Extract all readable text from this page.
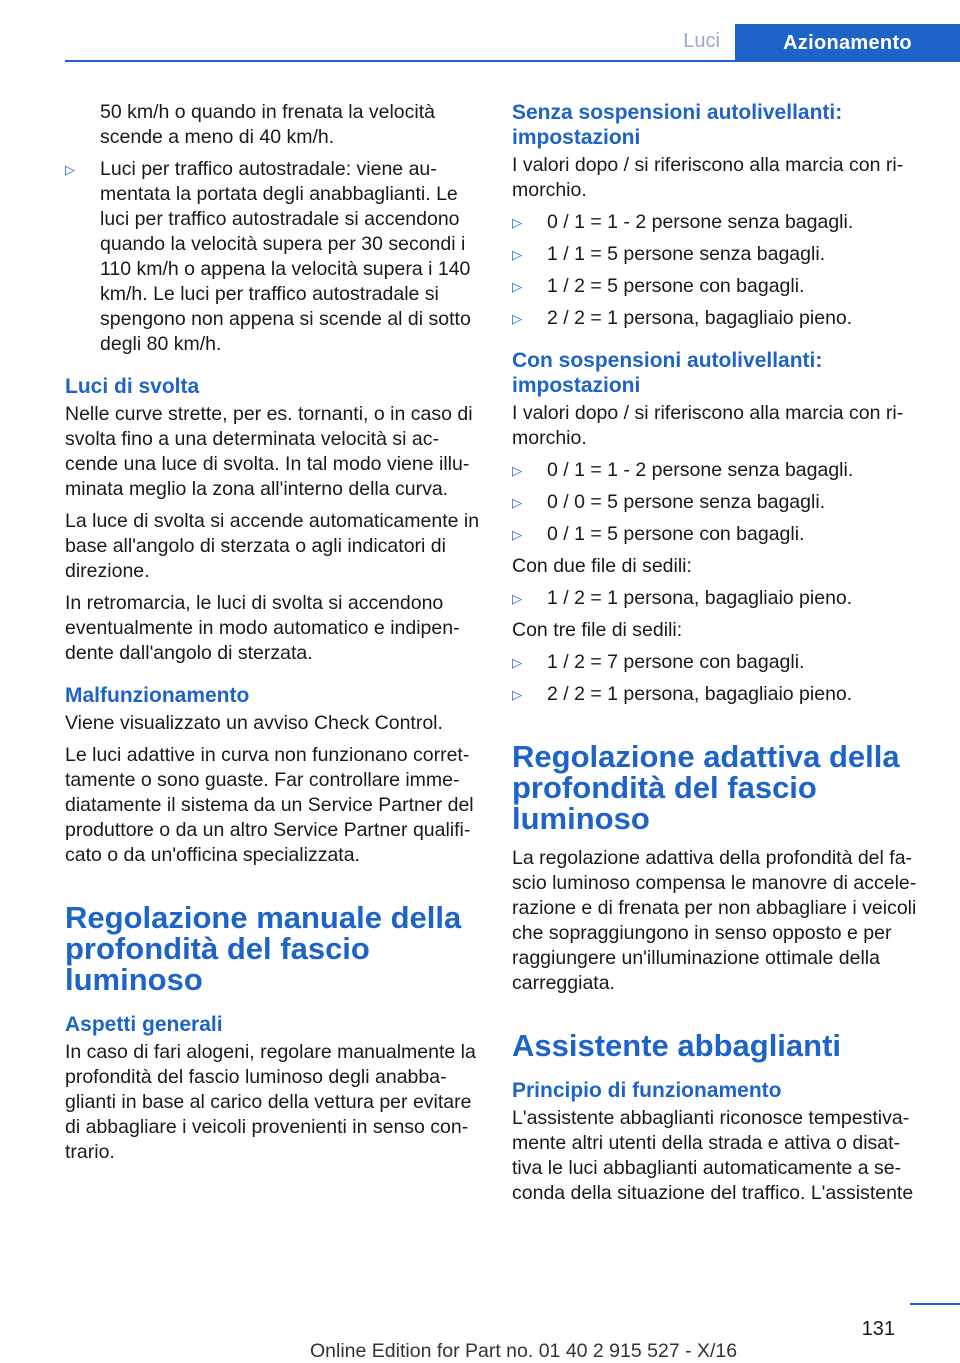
Luci	Azionamento

50 km/h o quando in frenata la velocità scende a meno di 40 km/h.

▷ Luci per traffico autostradale: viene au-mentata la portata degli anabbaglianti. Le luci per traffico autostradale si accendono quando la velocità supera per 30 secondi i 110 km/h o appena la velocità supera i 140 km/h. Le luci per traffico autostradale si spengono non appena si scende al di sotto degli 80 km/h.
Luci di svolta

Nelle curve strette, per es. tornanti, o in caso di svolta fino a una determinata velocità si ac-cende una luce di svolta. In tal modo viene illu-minata meglio la zona all'interno della curva.

La luce di svolta si accende automaticamente in base all'angolo di sterzata o agli indicatori di direzione.

In retromarcia, le luci di svolta si accendono eventualmente in modo automatico e indipen-dente dall'angolo di sterzata.

Malfunzionamento

Viene visualizzato un avviso Check Control.

Le luci adattive in curva non funzionano corret-tamente o sono guaste. Far controllare imme-diatamente il sistema da un Service Partner del produttore o da un altro Service Partner qualifi-cato o da un'officina specializzata.

Regolazione manuale della profondità del fascio luminoso
Aspetti generali

In caso di fari alogeni, regolare manualmente la profondità del fascio luminoso degli anabba-glianti in base al carico della vettura per evitare di abbagliare i veicoli provenienti in senso con-trario.

Senza sospensioni autolivellanti: impostazioni

I valori dopo / si riferiscono alla marcia con ri-morchio.

▷ 0 / 1 = 1 - 2 persone senza bagagli.
▷ 1 / 1 = 5 persone senza bagagli.
▷ 1 / 2 = 5 persone con bagagli.
▷ 2 / 2 = 1 persona, bagagliaio pieno.
Con sospensioni autolivellanti: impostazioni

I valori dopo / si riferiscono alla marcia con ri-morchio.

▷ 0 / 1 = 1 - 2 persone senza bagagli.
▷ 0 / 0 = 5 persone senza bagagli.
▷ 0 / 1 = 5 persone con bagagli.

Con due file di sedili:

▷ 1 / 2 = 1 persona, bagagliaio pieno.

Con tre file di sedili:

▷ 1 / 2 = 7 persone con bagagli.
▷ 2 / 2 = 1 persona, bagagliaio pieno.
Regolazione adattiva della profondità del fascio luminoso

La regolazione adattiva della profondità del fa-scio luminoso compensa le manovre di accele-razione e di frenata per non abbagliare i veicoli che sopraggiungono in senso opposto e per raggiungere un'illuminazione ottimale della carreggiata.

Assistente abbaglianti
Principio di funzionamento

L'assistente abbaglianti riconosce tempestiva-mente altri utenti della strada e attiva o disat-tiva le luci abbaglianti automaticamente a se-conda della situazione del traffico. L'assistente

131
Online Edition for Part no. 01 40 2 915 527 - X/16
